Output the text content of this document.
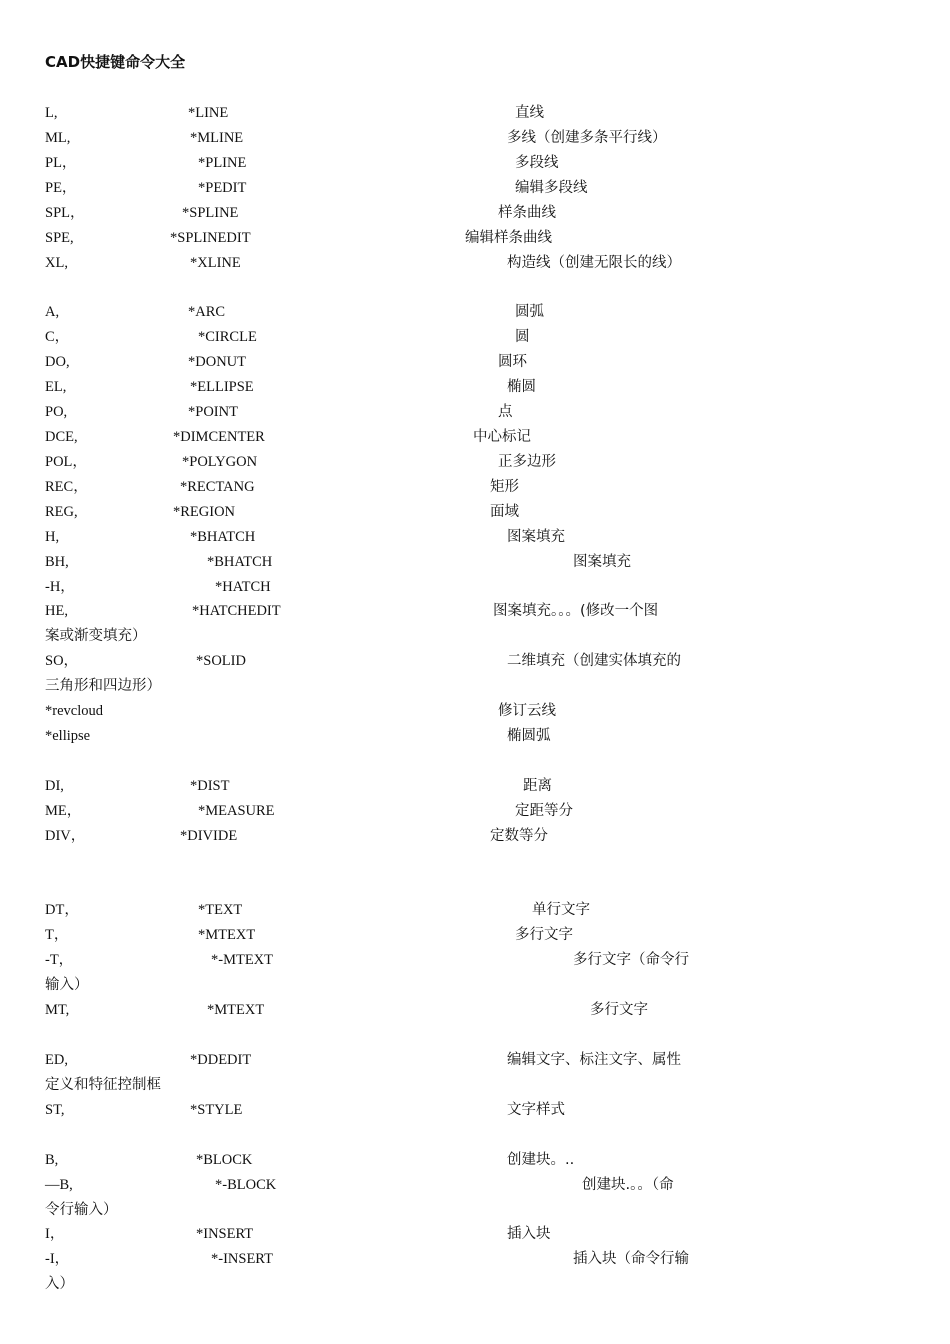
CAD快捷键命令大全
L,	*LINE	直线
ML,	*MLINE	多线（创建多条平行线）
PL，	*PLINE	多段线
PE，	*PEDIT	编辑多段线
SPL，	*SPLINE	样条曲线
SPE,	*SPLINEDIT	编辑样条曲线
XL,	*XLINE	构造线（创建无限长的线）
A,	*ARC	圆弧
C，	*CIRCLE	圆
DO,	*DONUT	圆环
EL,	*ELLIPSE	椭圆
PO,	*POINT	点
DCE,	*DIMCENTER	中心标记
POL，	*POLYGON	正多边形
REC，	*RECTANG	矩形
REG,	*REGION	面域
H,	*BHATCH	图案填充
BH,	*BHATCH	图案填充
-H，	*HATCH
HE,	*HATCHEDIT	图案填充。。。(修改一个图
案或渐变填充）
SO，	*SOLID	二维填充（创建实体填充的
三角形和四边形）
*revcloud	修订云线
*ellipse	椭圆弧
DI,	*DIST	距离
ME，	*MEASURE	定距等分
DIV，	*DIVIDE	定数等分
DT，	*TEXT	单行文字
T，	*MTEXT	多行文字
-T，	*-MTEXT	多行文字（命令行
输入）
MT,	*MTEXT	多行文字
ED,	*DDEDIT	编辑文字、标注文字、属性
定义和特征控制框
ST,	*STYLE	文字样式
B,	*BLOCK	创建块。..
—B,	*-BLOCK	创建块.。。（命
令行输入）
I，	*INSERT	插入块
-I，	*-INSERT	插入块（命令行输
入）
